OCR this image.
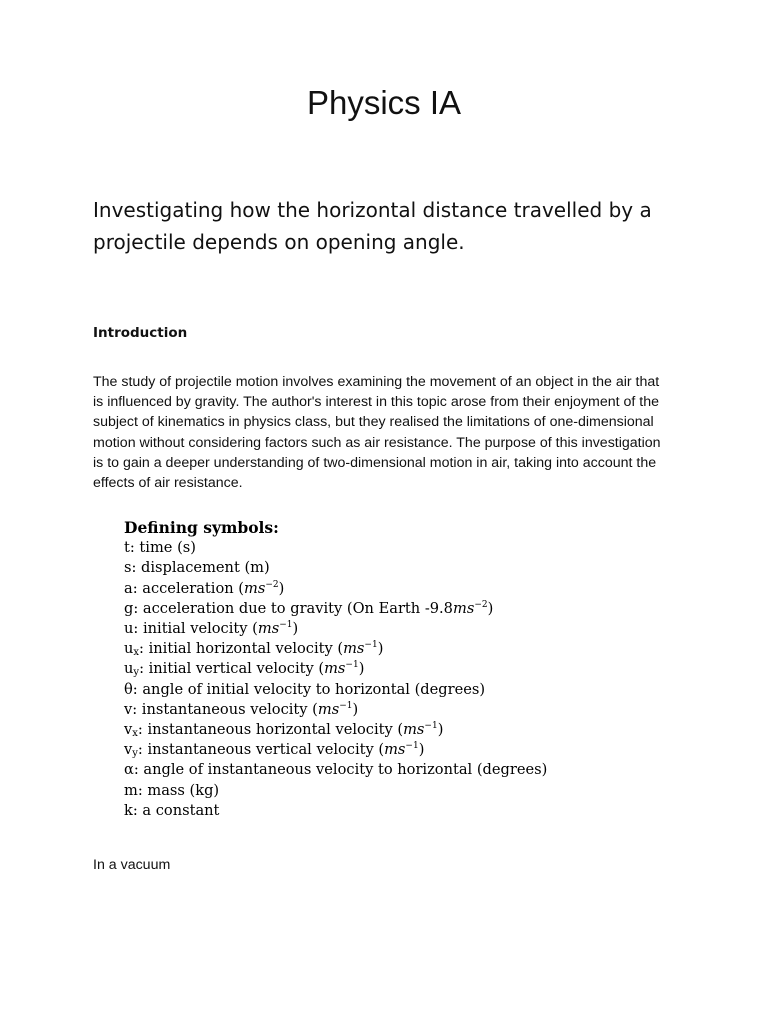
Physics IA

Investigating how the horizontal distance travelled by a projectile depends on opening angle.

Introduction

The study of projectile motion involves examining the movement of an object in the air that is influenced by gravity. The author's interest in this topic arose from their enjoyment of the subject of kinematics in physics class, but they realised the limitations of one-dimensional motion without considering factors such as air resistance. The purpose of this investigation is to gain a deeper understanding of two-dimensional motion in air, taking into account the effects of air resistance.

Defining symbols:
t: time (s)
s: displacement (m)
a: acceleration $(ms^{-2})$
g: acceleration due to gravity (On Earth $-9.8ms^{-2}$)
u: initial velocity $(ms^{-1})$
$u_x$: initial horizontal velocity $(ms^{-1})$
$u_y$: initial vertical velocity $(ms^{-1})$
θ: angle of initial velocity to horizontal (degrees)
v: instantaneous velocity $(ms^{-1})$
$v_x$: instantaneous horizontal velocity $(ms^{-1})$
$v_y$: instantaneous vertical velocity $(ms^{-1})$
α: angle of instantaneous velocity to horizontal (degrees)
m: mass (kg)
k: a constant

In a vacuum
